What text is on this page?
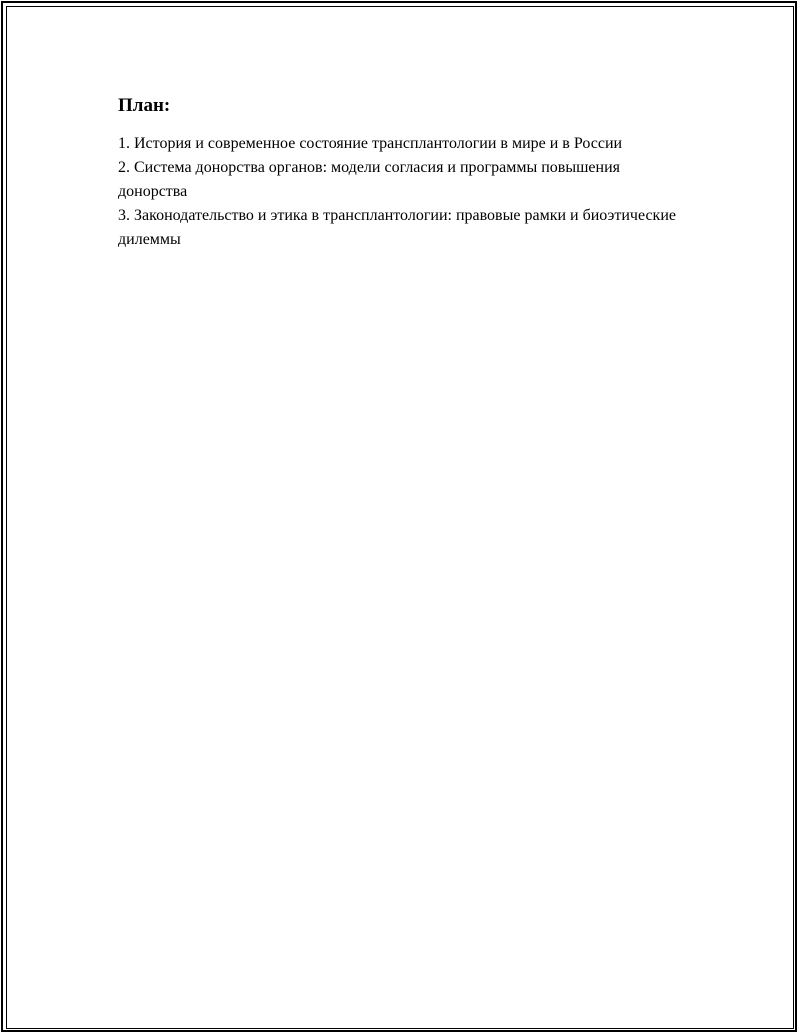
План:
1. История и современное состояние трансплантологии в мире и в России
2. Система донорства органов: модели согласия и программы повышения донорства
3. Законодательство и этика в трансплантологии: правовые рамки и биоэтические дилеммы
